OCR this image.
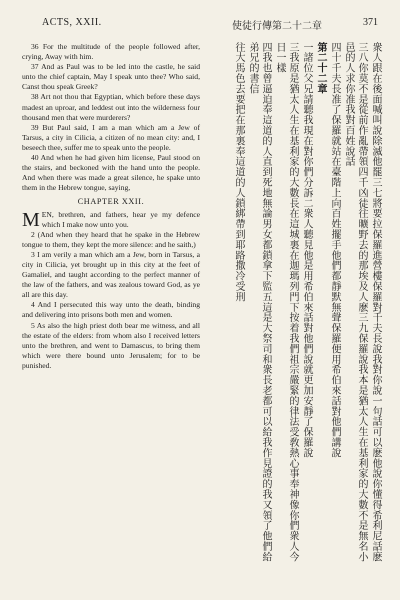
ACTS, XXII.	使徒行傳第二十二章	371

36 For the multitude of the people followed after, crying, Away with him.

37 And as Paul was to be led into the castle, he said unto the chief captain, May I speak unto thee? Who said, Canst thou speak Greek?

38 Art not thou that Egyptian, which before these days madest an uproar, and leddest out into the wilderness four thousand men that were murderers?

39 But Paul said, I am a man which am a Jew of Tarsus, a city in Cilicia, a citizen of no mean city: and, I beseech thee, suffer me to speak unto the people.

40 And when he had given him license, Paul stood on the stairs, and beckoned with the hand unto the people. And when there was made a great silence, he spake unto them in the Hebrew tongue, saying,

CHAPTER XXII.

MEN, brethren, and fathers, hear ye my defence which I make now unto you.

2 (And when they heard that he spake in the Hebrew tongue to them, they kept the more silence: and he saith,)

3 I am verily a man which am a Jew, born in Tarsus, a city in Cilicia, yet brought up in this city at the feet of Gamaliel, and taught according to the perfect manner of the law of the fathers, and was zealous toward God, as ye all are this day.

4 And I persecuted this way unto the death, binding and delivering into prisons both men and women.

5 As also the high priest doth bear me witness, and all the estate of the elders: from whom also I received letters unto the brethren, and went to Damascus, to bring them which were there bound unto Jerusalem; for to be punished.	衆人跟在後面喊叫說除滅他罷三七將要拉保羅進營樓保羅對千夫長說我對你說一句話可以麽他說你懂得希利尼話麽
三八你莫不是從前作亂帶領四千凶徒往曠野去的那埃及人麽三九保羅說我本是猶太人生在基利家的大數不是無名小邑的人求你准我對百姓說話
四十千夫長准了保羅就站在臺階上向百姓擺手他們都靜默無聲保羅便用希伯來話對他們講說
第二十二章
一諸位父兄請聽我現在對你們分訴二衆人聽見他是用希伯來話對他們說就更加安靜了保羅說
三我原是猶太人生在基利家的大數長在這城裏在迦瑪列門下按着我們祖宗嚴緊的律法受敎熱心事奉神像你們衆人今日一樣
四我也曾逼迫奉這道的人直到死地無論男女都鎖拿下監五這是大祭司和衆長老都可以給我作見證的我又領了他們給弟兄的書信
往大馬色去要把在那裏奉這道的人鎖綁帶到耶路撒冷受刑
